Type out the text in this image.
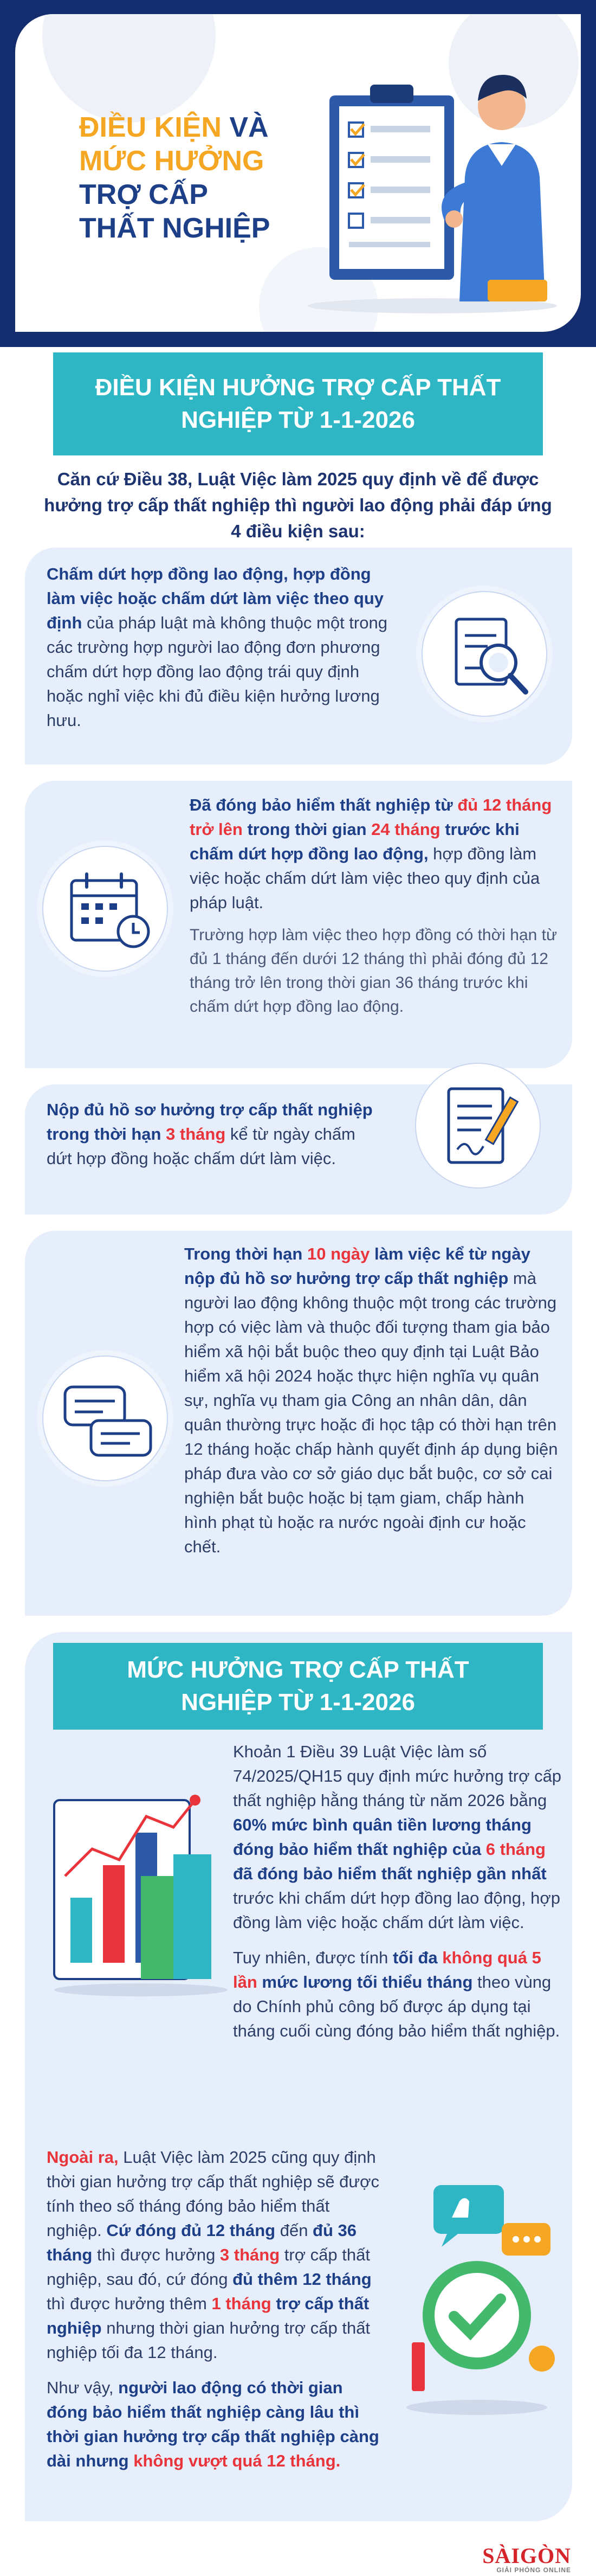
ĐIỀU KIỆN VÀ
MỨC HƯỞNG
TRỢ CẤP
THẤT NGHIỆP
ĐIỀU KIỆN HƯỞNG TRỢ CẤP THẤT NGHIỆP TỪ 1-1-2026
Căn cứ Điều 38, Luật Việc làm 2025 quy định về để được hưởng trợ cấp thất nghiệp thì người lao động phải đáp ứng 4 điều kiện sau:
Chấm dứt hợp đồng lao động, hợp đồng làm việc hoặc chấm dứt làm việc theo quy định của pháp luật mà không thuộc một trong các trường hợp người lao động đơn phương chấm dứt hợp đồng lao động trái quy định hoặc nghỉ việc khi đủ điều kiện hưởng lương hưu.
Đã đóng bảo hiểm thất nghiệp từ đủ 12 tháng trở lên trong thời gian 24 tháng trước khi chấm dứt hợp đồng lao động, hợp đồng làm việc hoặc chấm dứt làm việc theo quy định của pháp luật.
Trường hợp làm việc theo hợp đồng có thời hạn từ đủ 1 tháng đến dưới 12 tháng thì phải đóng đủ 12 tháng trở lên trong thời gian 36 tháng trước khi chấm dứt hợp đồng lao động.
Nộp đủ hồ sơ hưởng trợ cấp thất nghiệp trong thời hạn 3 tháng kể từ ngày chấm dứt hợp đồng hoặc chấm dứt làm việc.
Trong thời hạn 10 ngày làm việc kể từ ngày nộp đủ hồ sơ hưởng trợ cấp thất nghiệp mà người lao động không thuộc một trong các trường hợp có việc làm và thuộc đối tượng tham gia bảo hiểm xã hội bắt buộc theo quy định tại Luật Bảo hiểm xã hội 2024 hoặc thực hiện nghĩa vụ quân sự, nghĩa vụ tham gia Công an nhân dân, dân quân thường trực hoặc đi học tập có thời hạn trên 12 tháng hoặc chấp hành quyết định áp dụng biện pháp đưa vào cơ sở giáo dục bắt buộc, cơ sở cai nghiện bắt buộc hoặc bị tạm giam, chấp hành hình phạt tù hoặc ra nước ngoài định cư hoặc chết.
MỨC HƯỞNG TRỢ CẤP THẤT NGHIỆP TỪ 1-1-2026
Khoản 1 Điều 39 Luật Việc làm số 74/2025/QH15 quy định mức hưởng trợ cấp thất nghiệp hằng tháng từ năm 2026 bằng 60% mức bình quân tiền lương tháng đóng bảo hiểm thất nghiệp của 6 tháng đã đóng bảo hiểm thất nghiệp gần nhất trước khi chấm dứt hợp đồng lao động, hợp đồng làm việc hoặc chấm dứt làm việc.
Tuy nhiên, được tính tối đa không quá 5 lần mức lương tối thiểu tháng theo vùng do Chính phủ công bố được áp dụng tại tháng cuối cùng đóng bảo hiểm thất nghiệp.
Ngoài ra, Luật Việc làm 2025 cũng quy định thời gian hưởng trợ cấp thất nghiệp sẽ được tính theo số tháng đóng bảo hiểm thất nghiệp. Cứ đóng đủ 12 tháng đến đủ 36 tháng thì được hưởng 3 tháng trợ cấp thất nghiệp, sau đó, cứ đóng đủ thêm 12 tháng thì được hưởng thêm 1 tháng trợ cấp thất nghiệp nhưng thời gian hưởng trợ cấp thất nghiệp tối đa 12 tháng.
Như vậy, người lao động có thời gian đóng bảo hiểm thất nghiệp càng lâu thì thời gian hưởng trợ cấp thất nghiệp càng dài nhưng không vượt quá 12 tháng.
SÀIGÒN
GIẢI PHÓNG ONLINE
